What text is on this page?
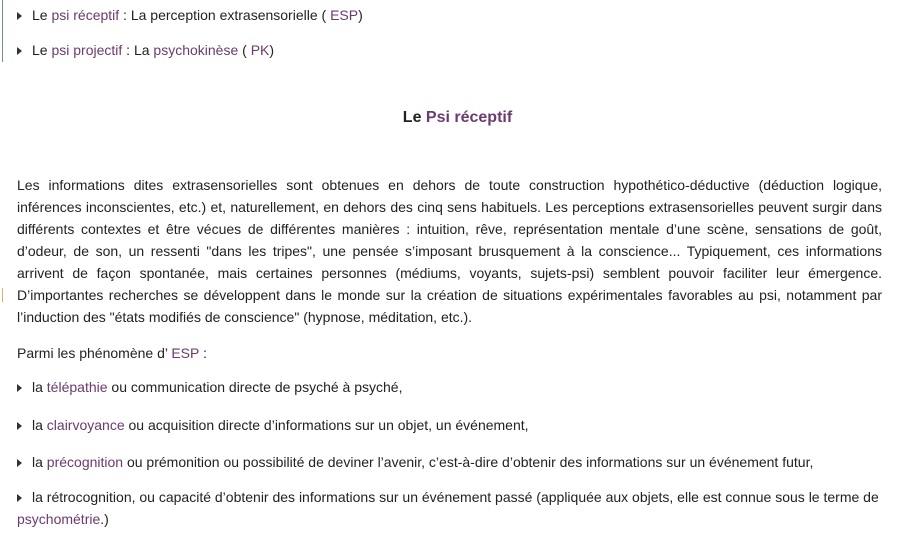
Le psi réceptif : La perception extrasensorielle ( ESP)

Le psi projectif : La psychokinèse ( PK)

Le Psi réceptif

Les informations dites extrasensorielles sont obtenues en dehors de toute construction hypothético-déductive (déduction logique, inférences inconscientes, etc.) et, naturellement, en dehors des cinq sens habituels. Les perceptions extrasensorielles peuvent surgir dans différents contextes et être vécues de différentes manières : intuition, rêve, représentation mentale d’une scène, sensations de goût, d’odeur, de son, un ressenti "dans les tripes", une pensée s’imposant brusquement à la conscience... Typiquement, ces informations arrivent de façon spontanée, mais certaines personnes (médiums, voyants, sujets-psi) semblent pouvoir faciliter leur émergence. D’importantes recherches se développent dans le monde sur la création de situations expérimentales favorables au psi, notamment par l’induction des "états modifiés de conscience" (hypnose, méditation, etc.).

Parmi les phénomène d’ ESP :

la télépathie ou communication directe de psyché à psyché,

la clairvoyance ou acquisition directe d’informations sur un objet, un événement,

la précognition ou prémonition ou possibilité de deviner l’avenir, c’est-à-dire d’obtenir des informations sur un événement futur,

la rétrocognition, ou capacité d’obtenir des informations sur un événement passé (appliquée aux objets, elle est connue sous le terme de psychométrie.)
